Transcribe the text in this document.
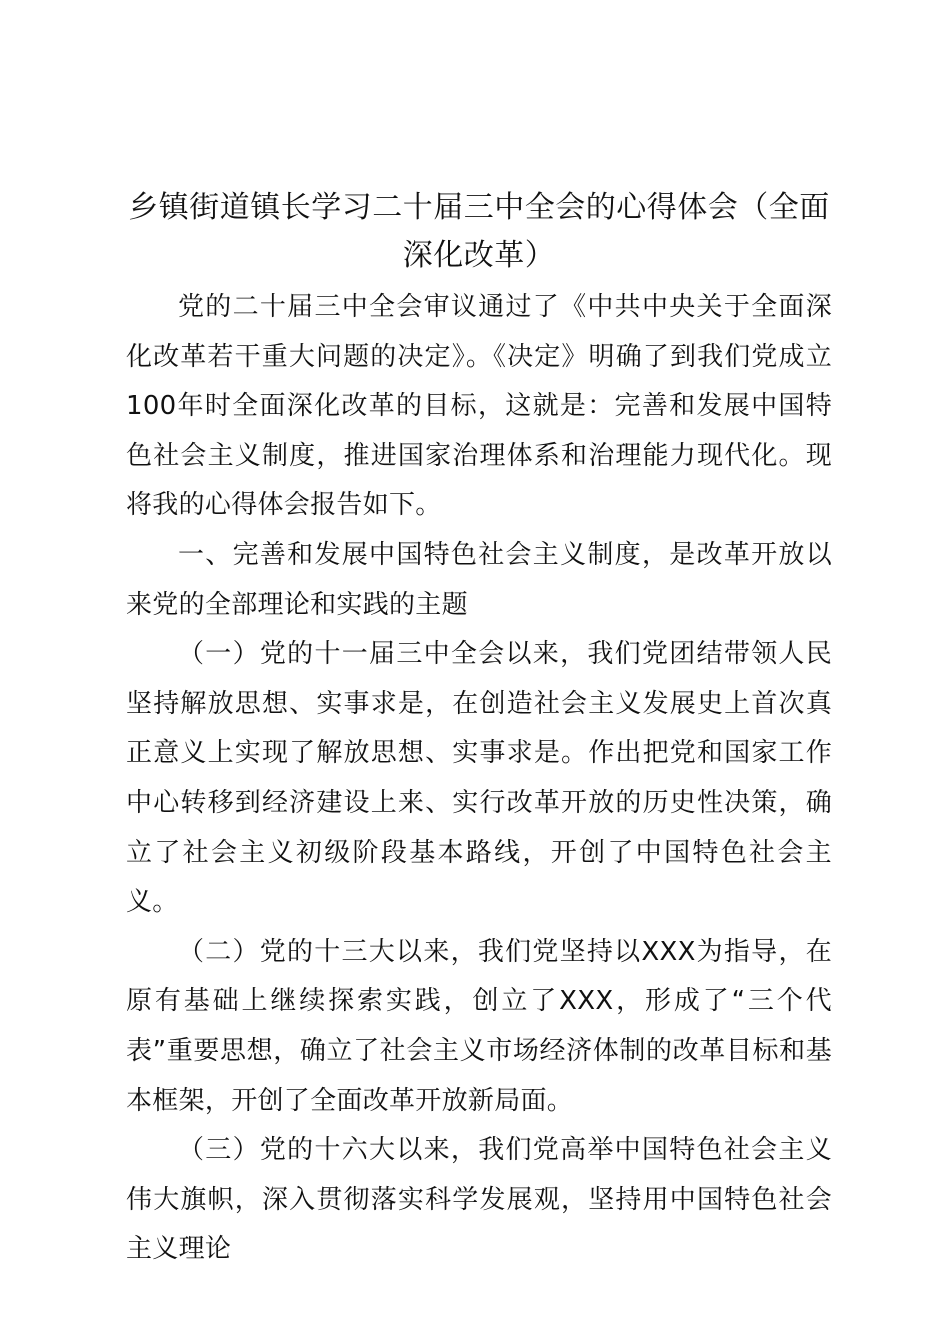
乡镇街道镇长学习二十届三中全会的心得体会（全面深化改革）

党的二十届三中全会审议通过了《中共中央关于全面深化改革若干重大问题的决定》。《决定》明确了到我们党成立100年时全面深化改革的目标，这就是：完善和发展中国特色社会主义制度，推进国家治理体系和治理能力现代化。现将我的心得体会报告如下。

一、完善和发展中国特色社会主义制度，是改革开放以来党的全部理论和实践的主题

（一）党的十一届三中全会以来，我们党团结带领人民坚持解放思想、实事求是，在创造社会主义发展史上首次真正意义上实现了解放思想、实事求是。作出把党和国家工作中心转移到经济建设上来、实行改革开放的历史性决策，确立了社会主义初级阶段基本路线，开创了中国特色社会主义。

（二）党的十三大以来，我们党坚持以XXX为指导，在原有基础上继续探索实践，创立了XXX，形成了“三个代表”重要思想，确立了社会主义市场经济体制的改革目标和基本框架，开创了全面改革开放新局面。

（三）党的十六大以来，我们党高举中国特色社会主义伟大旗帜，深入贯彻落实科学发展观，坚持用中国特色社会主义理论
